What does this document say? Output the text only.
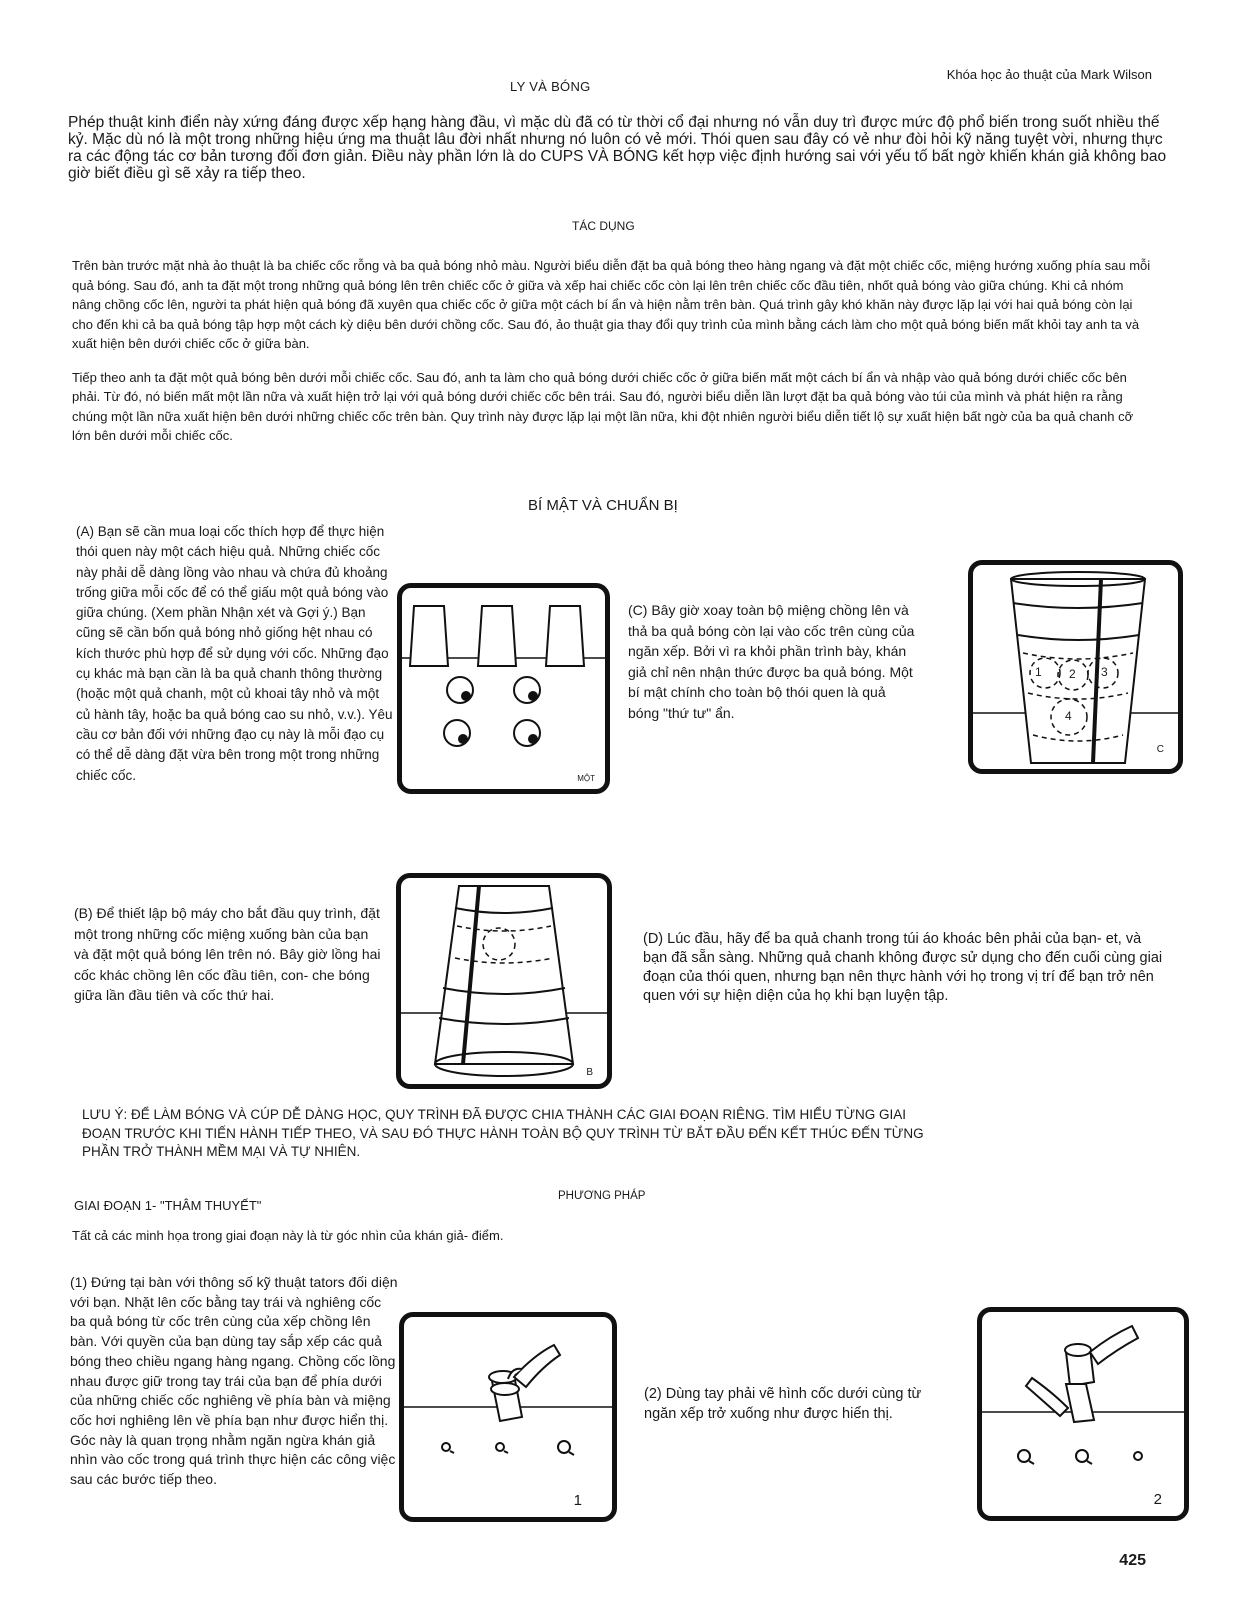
Khóa học ảo thuật của Mark Wilson
LY VÀ BÓNG
Phép thuật kinh điển này xứng đáng được xếp hạng hàng đầu, vì mặc dù đã có từ thời cổ đại nhưng nó vẫn duy trì được mức độ phổ biến trong suốt nhiều thế kỷ. Mặc dù nó là một trong những hiệu ứng ma thuật lâu đời nhất nhưng nó luôn có vẻ mới. Thói quen sau đây có vẻ như đòi hỏi kỹ năng tuyệt vời, nhưng thực ra các động tác cơ bản tương đối đơn giản. Điều này phần lớn là do CUPS VÀ BÓNG kết hợp việc định hướng sai với yếu tố bất ngờ khiến khán giả không bao giờ biết điều gì sẽ xảy ra tiếp theo.
TÁC DỤNG

Trên bàn trước mặt nhà ảo thuật là ba chiếc cốc rỗng và ba quả bóng nhỏ màu. Người biểu diễn đặt ba quả bóng theo hàng ngang và đặt một chiếc cốc, miệng hướng xuống phía sau mỗi quả bóng. Sau đó, anh ta đặt một trong những quả bóng lên trên chiếc cốc ở giữa và xếp hai chiếc cốc còn lại lên trên chiếc cốc đầu tiên, nhốt quả bóng vào giữa chúng. Khi cả nhóm nâng chồng cốc lên, người ta phát hiện quả bóng đã xuyên qua chiếc cốc ở giữa một cách bí ẩn và hiện nằm trên bàn. Quá trình gây khó khăn này được lặp lại với hai quả bóng còn lại cho đến khi cả ba quả bóng tập hợp một cách kỳ diệu bên dưới chồng cốc. Sau đó, ảo thuật gia thay đổi quy trình của mình bằng cách làm cho một quả bóng biến mất khỏi tay anh ta và xuất hiện bên dưới chiếc cốc ở giữa bàn.

Tiếp theo anh ta đặt một quả bóng bên dưới mỗi chiếc cốc. Sau đó, anh ta làm cho quả bóng dưới chiếc cốc ở giữa biến mất một cách bí ẩn và nhập vào quả bóng dưới chiếc cốc bên phải. Từ đó, nó biến mất một lần nữa và xuất hiện trở lại với quả bóng dưới chiếc cốc bên trái. Sau đó, người biểu diễn lần lượt đặt ba quả bóng vào túi của mình và phát hiện ra rằng chúng một lần nữa xuất hiện bên dưới những chiếc cốc trên bàn. Quy trình này được lặp lại một lần nữa, khi đột nhiên người biểu diễn tiết lộ sự xuất hiện bất ngờ của ba quả chanh cỡ lớn bên dưới mỗi chiếc cốc.

BÍ MẬT VÀ CHUẨN BỊ
(A) Bạn sẽ cần mua loại cốc thích hợp để thực hiện thói quen này một cách hiệu quả. Những chiếc cốc này phải dễ dàng lồng vào nhau và chứa đủ khoảng trống giữa mỗi cốc để có thể giấu một quả bóng vào giữa chúng. (Xem phần Nhận xét và Gợi ý.) Bạn cũng sẽ cần bốn quả bóng nhỏ giống hệt nhau có kích thước phù hợp để sử dụng với cốc. Những đạo cụ khác mà bạn cần là ba quả chanh thông thường (hoặc một quả chanh, một củ khoai tây nhỏ và một củ hành tây, hoặc ba quả bóng cao su nhỏ, v.v.). Yêu cầu cơ bản đối với những đạo cụ này là mỗi đạo cụ có thể dễ dàng đặt vừa bên trong một trong những chiếc cốc.	MỘT
(C) Bây giờ xoay toàn bộ miệng chồng lên và thả ba quả bóng còn lại vào cốc trên cùng của ngăn xếp. Bởi vì ra khỏi phần trình bày, khán giả chỉ nên nhận thức được ba quả bóng. Một bí mật chính cho toàn bộ thói quen là quả bóng "thứ tư" ẩn.
1 2 3
4
C
(B) Để thiết lập bộ máy cho bắt đầu quy trình, đặt một trong những cốc miệng xuống bàn của bạn và đặt một quả bóng lên trên nó. Bây giờ lồng hai cốc khác chồng lên cốc đầu tiên, con- che bóng giữa lần đầu tiên và cốc thứ hai.
B
(D) Lúc đầu, hãy để ba quả chanh trong túi áo khoác bên phải của bạn- et, và bạn đã sẵn sàng. Những quả chanh không được sử dụng cho đến cuối cùng giai đoạn của thói quen, nhưng bạn nên thực hành với họ trong vị trí để bạn trở nên quen với sự hiện diện của họ khi bạn luyện tập.
LƯU Ý: ĐỂ LÀM BÓNG VÀ CÚP DỄ DÀNG HỌC, QUY TRÌNH ĐÃ ĐƯỢC CHIA THÀNH CÁC GIAI ĐOẠN RIÊNG. TÌM HIỂU TỪNG GIAI ĐOẠN TRƯỚC KHI TIẾN HÀNH TIẾP THEO, VÀ SAU ĐÓ THỰC HÀNH TOÀN BỘ QUY TRÌNH TỪ BẮT ĐẦU ĐẾN KẾT THÚC ĐẾN TỪNG PHẦN TRỞ THÀNH MỀM MẠI VÀ TỰ NHIÊN.
GIAI ĐOẠN 1- "THÂM THUYẾT"
PHƯƠNG PHÁP
Tất cả các minh họa trong giai đoạn này là từ góc nhìn của khán giả- điểm.
(1) Đứng tại bàn với thông số kỹ thuật tators đối diện với bạn. Nhặt lên cốc bằng tay trái và nghiêng cốc ba quả bóng từ cốc trên cùng của xếp chồng lên bàn. Với quyền của bạn dùng tay sắp xếp các quả bóng theo chiều ngang hàng ngang. Chồng cốc lồng nhau được giữ trong tay trái của bạn để phía dưới của những chiếc cốc nghiêng về phía bàn và miệng cốc hơi nghiêng lên về phía bạn như được hiển thị. Góc này là quan trọng nhằm ngăn ngừa khán giả nhìn vào cốc trong quá trình thực hiện các công việc sau các bước tiếp theo.
1
(2) Dùng tay phải vẽ hình cốc dưới cùng từ ngăn xếp trở xuống như được hiển thị.
2
425
